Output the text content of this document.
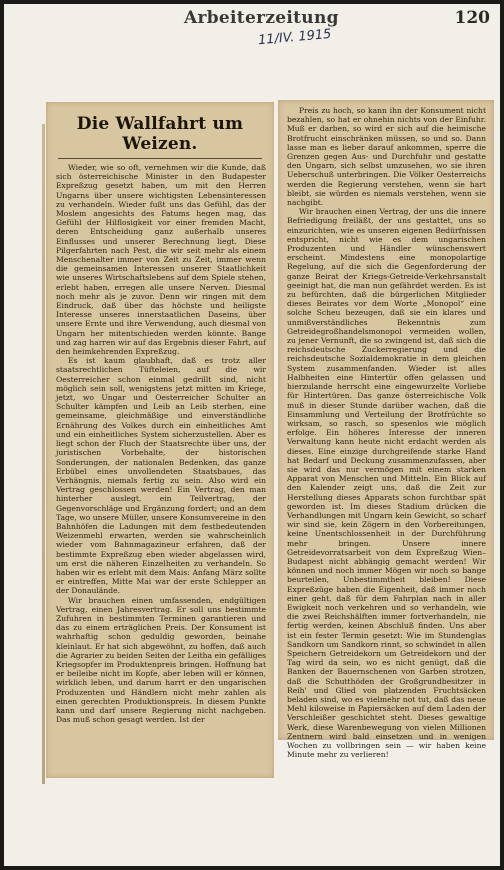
Arbeiterzeitung	120
11/IV. 1915
Die Wallfahrt um Weizen.

Wieder, wie so oft, vernehmen wir die Kunde, daß sich österreichische Minister in den Budapester Expreßzug gesetzt haben, um mit den Herren Ungarns über unsere wichtigsten Lebensinteressen zu verhandeln. Wieder fußt uns das Gefühl, das der Moslem angesichts des Fatums hegen mag, das Gefühl der Hilflosigkeit vor einer fremden Macht, deren Entscheidung ganz außerhalb unseres Einflusses und unserer Berechnung liegt. Diese Pilgerfahrten nach Pest, die wir seit mehr als einem Menschenalter immer von Zeit zu Zeit, immer wenn die gemeinsamen Interessen unserer Staatlichkeit wie unseres Wirtschaftslebens auf dem Spiele stehen, erlebt haben, erregen alle unsere Nerven. Diesmal noch mehr als je zuvor. Denn wir ringen mit dem Eindruck, daß über das höchste und heiligste Interesse unseres innerstaatlichen Daseins, über unsere Ernte und ihre Verwendung, auch diesmal von Ungarn her mitentschieden werden könnte. Bange und zag harren wir auf das Ergebnis dieser Fahrt, auf den heimkehrenden Expreßzug.

Es ist kaum glaubhaft, daß es trotz aller staatsrechtlichen Tüfteleien, auf die wir Oesterreicher schon einmal gedrillt sind, nicht möglich sein soll, wenigstens jetzt mitten im Kriege, jetzt, wo Ungar und Oesterreicher Schulter an Schulter kämpfen und Leib an Leib sterben, eine gemeinsame, gleichmäßige und einverständliche Ernährung des Volkes durch ein einheitliches Amt und ein einheitliches System sicherzustellen. Aber es liegt schon der Fluch der Staatsrechte über uns, der juristischen Vorbehalte, der historischen Sonderungen, der nationalen Bedenken, das ganze Erbübel eines unvollendeten Staatsbaues, das Verhängnis, niemals fertig zu sein. Also wird ein Vertrag geschlossen werden! Ein Vertrag, den man hinterher auslegt, ein Teilvertrag, der Gegenvorschläge und Ergänzung fordert; und an dem Tage, wo unsere Müller, unsere Konsumvereine in den Bahnhöfen die Ladungen mit dem festbedeutenden Weizenmehl erwarten, werden sie wahrscheinlich wieder vom Bahnmagazineur erfahren, daß der bestimmte Expreßzug eben wieder abgelassen wird, um erst die näheren Einzelheiten zu verhandeln. So haben wir es erlebt mit dem Mais: Anfang März sollte er eintreffen, Mitte Mai war der erste Schlepper an der Donaulände.

Wir brauchen einen umfassenden, endgültigen Vertrag, einen Jahresvertrag. Er soll uns bestimmte Zufuhren in bestimmten Terminen garantieren und das zu einem erträglichen Preis. Der Konsument ist wahrhaftig schon geduldig geworden, beinahe kleinlaut. Er hat sich abgewöhnt, zu hoffen, daß auch die Agrarier zu beiden Seiten der Leitha ein gefälliges Kriegsopfer im Produktenpreis bringen. Hoffnung hat er beileibe nicht im Kopfe, aber leben will er können, wirklich leben, und darum harrt er den ungarischen Produzenten und Händlern nicht mehr zahlen als einen gerechten Produktionspreis. In diesem Punkte kann und darf unsere Regierung nicht nachgeben. Das muß schon gesagt werden. Ist der

Preis zu hoch, so kann ihn der Konsument nicht bezahlen, so hat er ohnehin nichts von der Einfuhr. Muß er darben, so wird er sich auf die heimische Brotfrucht einschränken müssen, so und so. Dann lasse man es lieber darauf ankommen, sperre die Grenzen gegen Aus- und Durchfuhr und gestatte den Ungarn, sich selbst umzusehen, wo sie ihren Ueberschuß unterbringen. Die Völker Oesterreichs werden die Regierung verstehen, wenn sie hart bleibt, sie würden es niemals verstehen, wenn sie nachgibt.

Wir brauchen einen Vertrag, der uns die innere Befriedigung freiläßt, der uns gestattet, uns so einzurichten, wie es unseren eigenen Bedürfnissen entspricht, nicht wie es dem ungarischen Produzenten und Händler wünschenswert erscheint. Mindestens eine monopolartige Regelung, auf die sich die Gegenforderung der ganze Beirat der Kriegs-Getreide-Verkehrsanstalt geeinigt hat, die man nun gefährdet werden. Es ist zu befürchten, daß die bürgerlichen Mitglieder dieses Beirates vor dem Worte „Monopol“ eine solche Scheu bezeugen, daß sie ein klares und unmißverständliches Bekenntnis zum Getreidegroßhandelsmonopol vermeiden wollen, zu jener Vernunft, die so zwingend ist, daß sich die reichsdeutsche Zuckerregierung und die reichsdeutsche Sozialdemokratie in dem gleichen System zusammenfanden. Wieder ist alles Halbheiten eine Hintertür offen gelassen und hierzulande herrscht eine eingewurzelte Vorliebe für Hintertüren. Das ganze österreichische Volk muß in dieser Stunde darüber wachen, daß die Einsammlung und Verteilung der Brotfrüchte so wirksam, so rasch, so spesenlos wie möglich erfolge. Ein höheres Interesse der inneren Verwaltung kann heute nicht erdacht werden als dieses. Eine einzige durchgreifende starke Hand hat Bedarf und Deckung zusammenzufassen, aber sie wird das nur vermögen mit einem starken Apparat von Menschen und Mitteln. Ein Blick auf den Kalender zeigt uns, daß die Zeit zur Herstellung dieses Apparats schon furchtbar spät geworden ist. Im dieses Stadium drücken die Verhandlungen mit Ungarn kein Gewicht, so scharf wir sind sie, kein Zögern in den Vorbereitungen, keine Unentschlossenheit in der Durchführung mehr bringen. Unsere innere Getreidevorratsarbeit von dem Expreßzug Wien–Budapest nicht abhängig gemacht werden! Wir können und noch immer Mögen wir noch so bange beurteilen, Unbestimmtheit bleiben! Diese Expreßzüge haben die Eigenheit, daß immer noch einer geht, daß für dem Fahrplan nach in aller Ewigkeit noch verkehren und so verhandeln, wie die zwei Reichshälften immer fortverhandeln, nie fertig werden, keinen Abschluß finden. Uns aber ist ein fester Termin gesetzt: Wie im Stundenglas Sandkorn um Sandkorn rinnt, so schwindet in allen Speichern Getreidekorn um Getreidekorn und der Tag wird da sein, wo es nicht genügt, daß die Banken der Bauernschenen von Garben strotzen, daß die Schutthöden der Großgrundbesitzer in Reih' und Glied von platzenden Fruchtsäcken beladen sind, wo es vielmehr not tut, daß das neue Mehl kiloweise in Papiersäcken auf dem Laden der Verschleißer geschichtet steht. Dieses gewaltige Werk, diese Warenbewegung von vielen Millionen Zentnern wird bald einsetzen und in wenigen Wochen zu vollbringen sein — wir haben keine Minute mehr zu verlieren!
